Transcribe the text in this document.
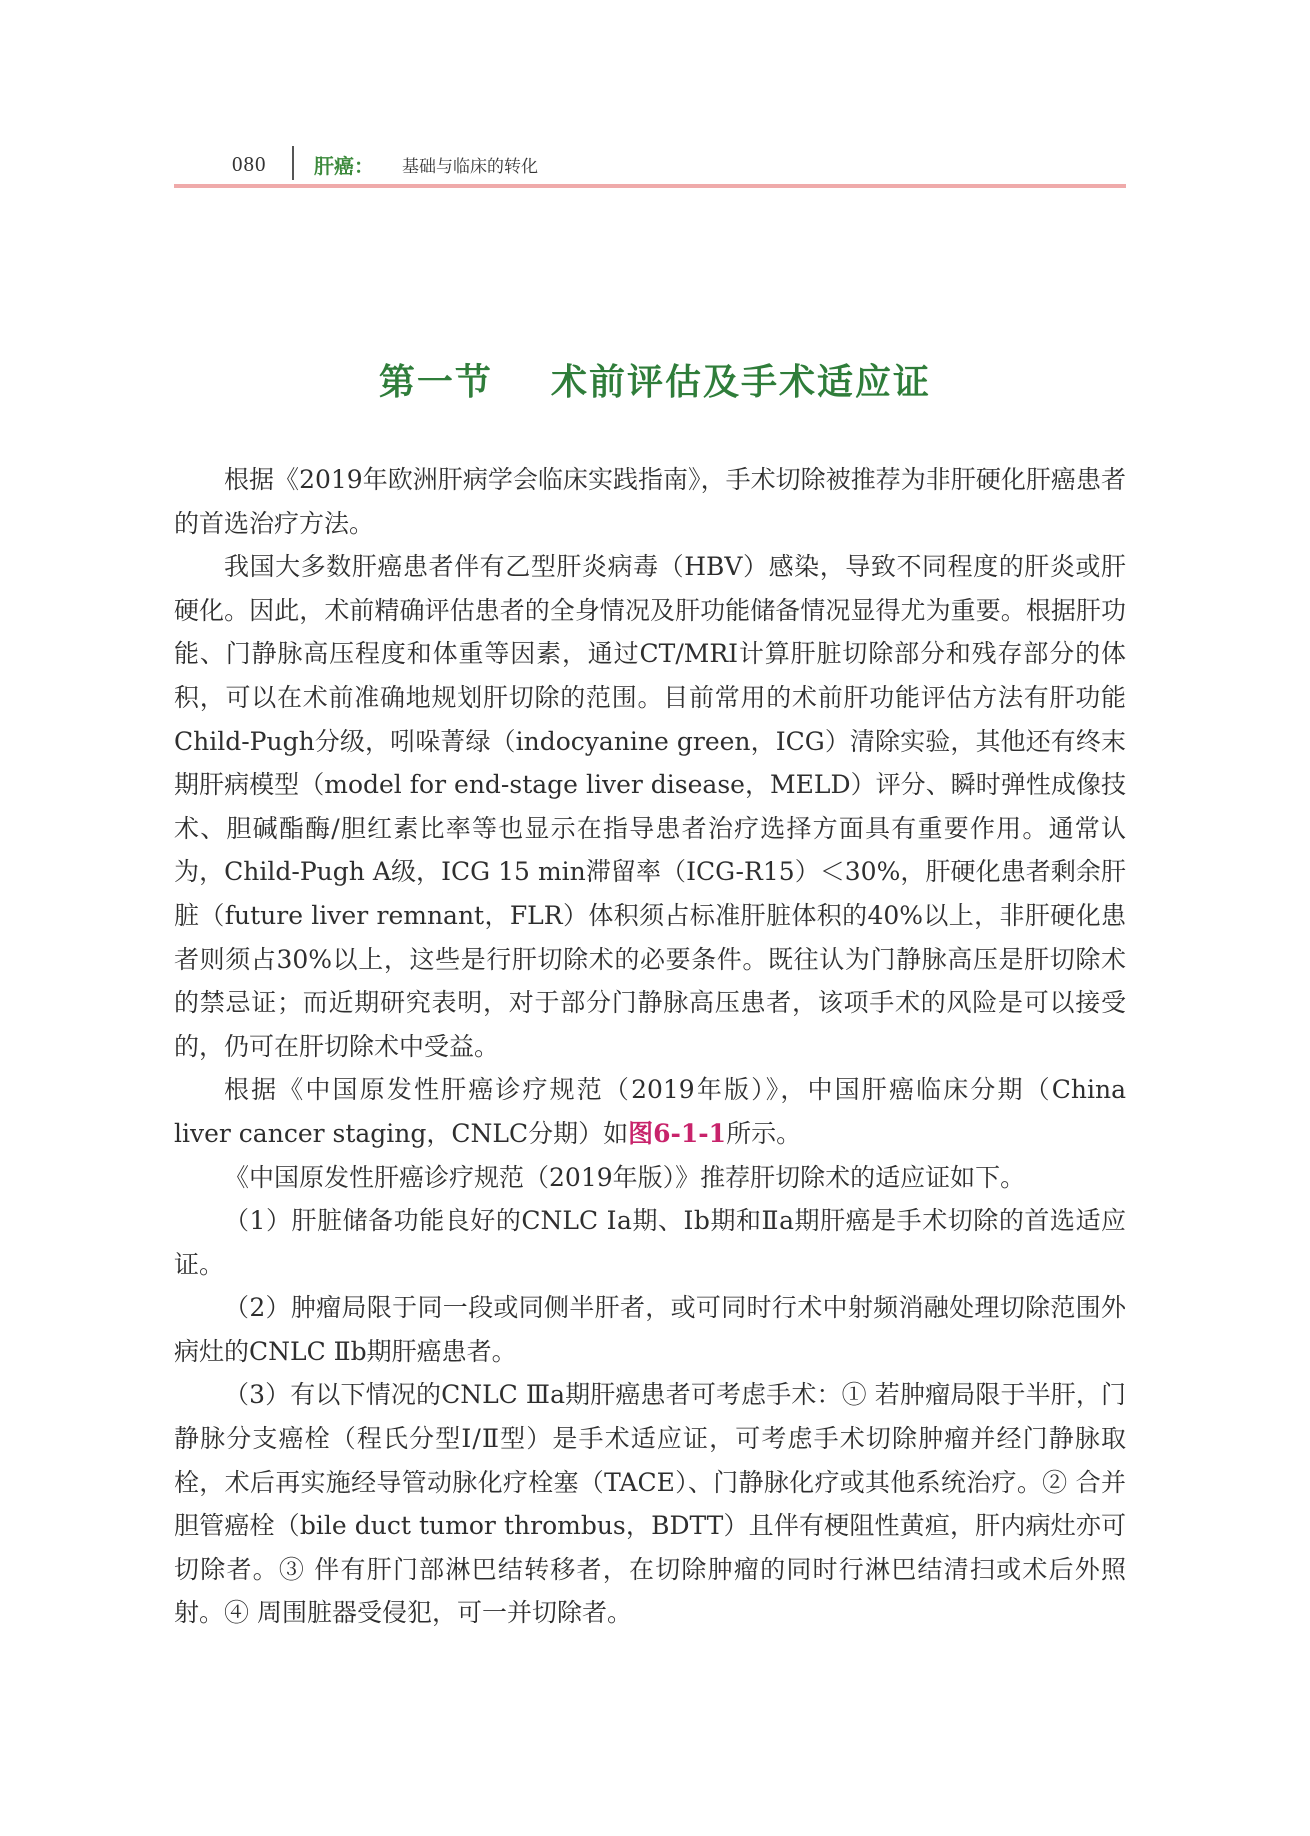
080 肝癌： 基础与临床的转化
第一节    术前评估及手术适应证

根据《2019年欧洲肝病学会临床实践指南》，手术切除被推荐为非肝硬化肝癌患者的首选治疗方法。

我国大多数肝癌患者伴有乙型肝炎病毒（HBV）感染，导致不同程度的肝炎或肝硬化。因此，术前精确评估患者的全身情况及肝功能储备情况显得尤为重要。根据肝功能、门静脉高压程度和体重等因素，通过CT/MRI计算肝脏切除部分和残存部分的体积，可以在术前准确地规划肝切除的范围。目前常用的术前肝功能评估方法有肝功能Child-Pugh分级，吲哚菁绿（indocyanine green，ICG）清除实验，其他还有终末期肝病模型（model for end-stage liver disease，MELD）评分、瞬时弹性成像技术、胆碱酯酶/胆红素比率等也显示在指导患者治疗选择方面具有重要作用。通常认为，Child-Pugh A级，ICG 15 min滞留率（ICG-R15）＜30%，肝硬化患者剩余肝脏（future liver remnant，FLR）体积须占标准肝脏体积的40%以上，非肝硬化患者则须占30%以上，这些是行肝切除术的必要条件。既往认为门静脉高压是肝切除术的禁忌证；而近期研究表明，对于部分门静脉高压患者，该项手术的风险是可以接受的，仍可在肝切除术中受益。

根据《中国原发性肝癌诊疗规范（2019年版）》，中国肝癌临床分期（China liver cancer staging，CNLC分期）如图6-1-1所示。

《中国原发性肝癌诊疗规范（2019年版）》推荐肝切除术的适应证如下。

（1）肝脏储备功能良好的CNLC Ⅰa期、Ⅰb期和Ⅱa期肝癌是手术切除的首选适应证。

（2）肿瘤局限于同一段或同侧半肝者，或可同时行术中射频消融处理切除范围外病灶的CNLC Ⅱb期肝癌患者。

（3）有以下情况的CNLC Ⅲa期肝癌患者可考虑手术：① 若肿瘤局限于半肝，门静脉分支癌栓（程氏分型Ⅰ/Ⅱ型）是手术适应证，可考虑手术切除肿瘤并经门静脉取栓，术后再实施经导管动脉化疗栓塞（TACE）、门静脉化疗或其他系统治疗。② 合并胆管癌栓（bile duct tumor thrombus，BDTT）且伴有梗阻性黄疸，肝内病灶亦可切除者。③ 伴有肝门部淋巴结转移者，在切除肿瘤的同时行淋巴结清扫或术后外照射。④ 周围脏器受侵犯，可一并切除者。
